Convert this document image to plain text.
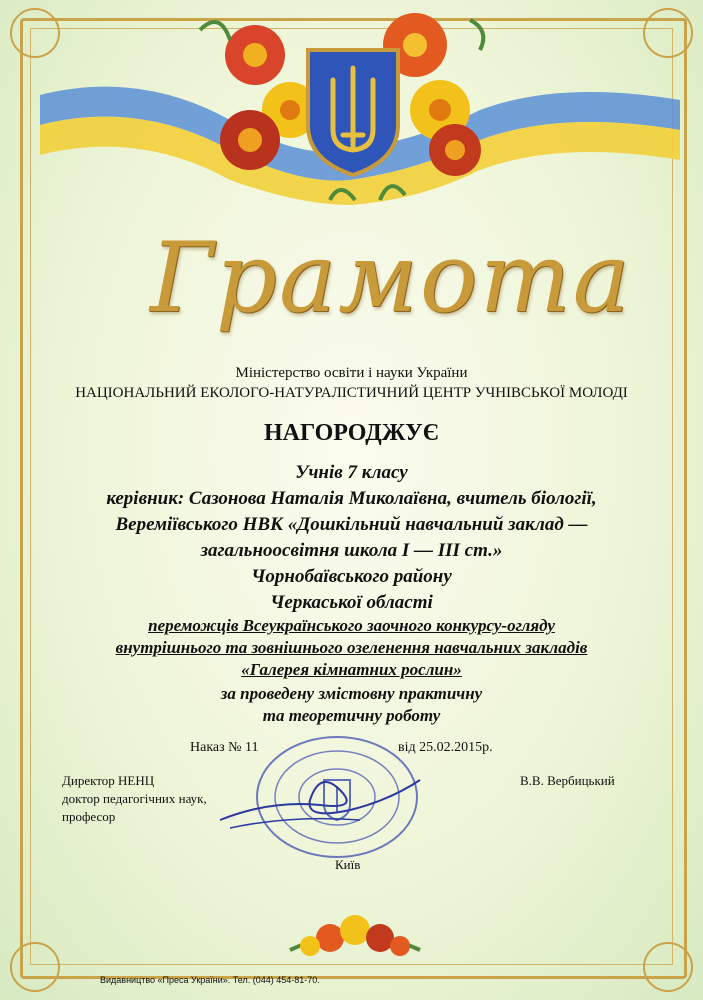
Грамота
Міністерство освіти і науки України
НАЦІОНАЛЬНИЙ ЕКОЛОГО-НАТУРАЛІСТИЧНИЙ ЦЕНТР УЧНІВСЬКОЇ МОЛОДІ
НАГОРОДЖУЄ
Учнів 7 класу
керівник: Сазонова Наталія Миколаївна, вчитель біології,
Веремiївського НВК «Дошкільний навчальний заклад —
загальноосвітня школа І — ІІІ ст.»
Чорнобаївського району
Черкаської області
переможців Всеукраїнського заочного конкурсу-огляду
внутрішнього та зовнішнього озеленення навчальних закладів
«Галерея кімнатних рослин»
за проведену змістовну практичну
та теоретичну роботу
Наказ № 11	від 25.02.2015р.
Директор НЕНЦ
доктор педагогічних наук,
професор
В.В. Вербицький
Київ
Видавництво «Преса України». Тел. (044) 454-81-70.
